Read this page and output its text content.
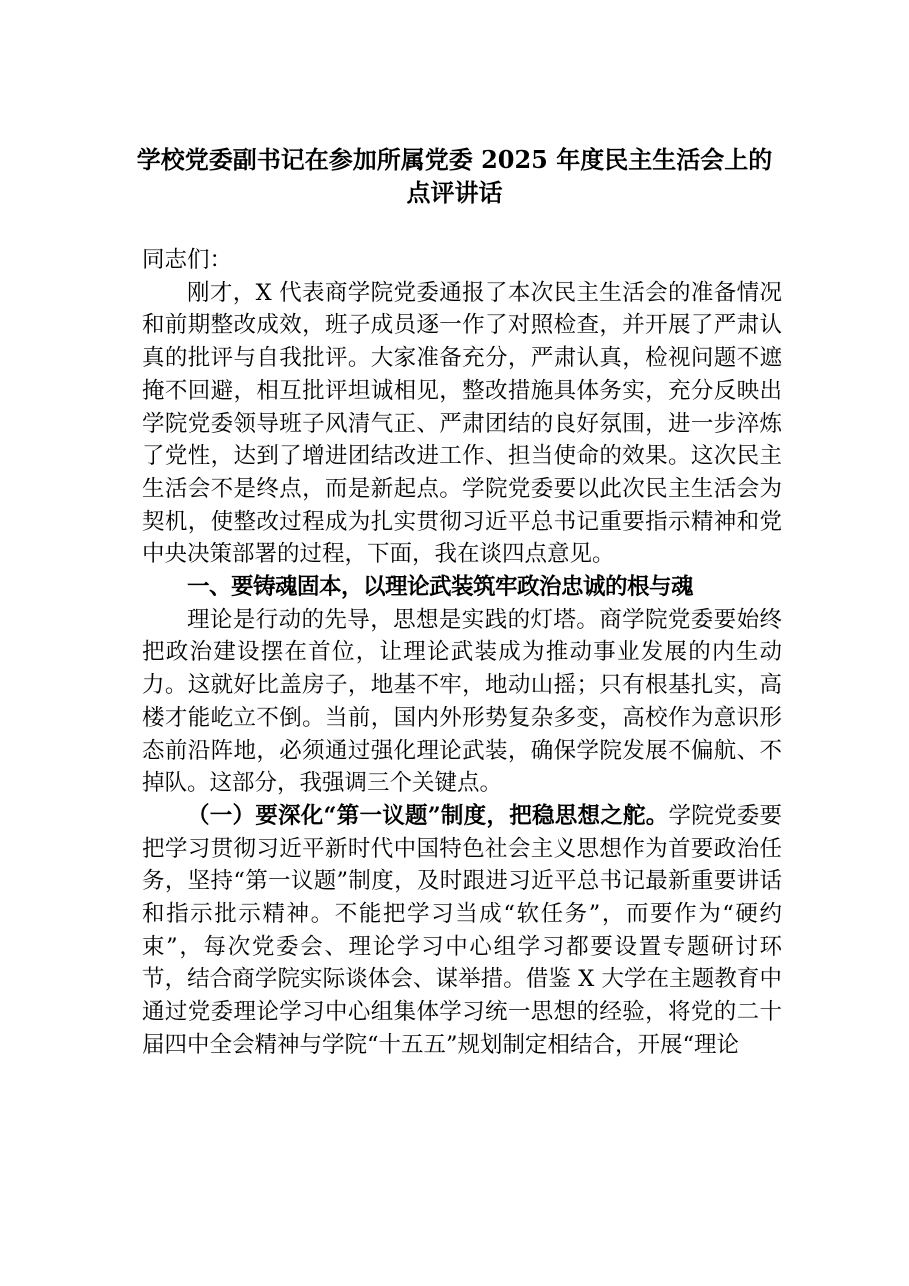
学校党委副书记在参加所属党委 2025 年度民主生活会上的
点评讲话

同志们：

刚才，X 代表商学院党委通报了本次民主生活会的准备情况和前期整改成效，班子成员逐一作了对照检查，并开展了严肃认真的批评与自我批评。大家准备充分，严肃认真，检视问题不遮掩不回避，相互批评坦诚相见，整改措施具体务实，充分反映出学院党委领导班子风清气正、严肃团结的良好氛围，进一步淬炼了党性，达到了增进团结改进工作、担当使命的效果。这次民主生活会不是终点，而是新起点。学院党委要以此次民主生活会为契机，使整改过程成为扎实贯彻习近平总书记重要指示精神和党中央决策部署的过程，下面，我在谈四点意见。

一、要铸魂固本，以理论武装筑牢政治忠诚的根与魂

理论是行动的先导，思想是实践的灯塔。商学院党委要始终把政治建设摆在首位，让理论武装成为推动事业发展的内生动力。这就好比盖房子，地基不牢，地动山摇；只有根基扎实，高楼才能屹立不倒。当前，国内外形势复杂多变，高校作为意识形态前沿阵地，必须通过强化理论武装，确保学院发展不偏航、不掉队。这部分，我强调三个关键点。

（一）要深化“第一议题”制度，把稳思想之舵。学院党委要把学习贯彻习近平新时代中国特色社会主义思想作为首要政治任务，坚持“第一议题”制度，及时跟进习近平总书记最新重要讲话和指示批示精神。不能把学习当成“软任务”，而要作为“硬约束”，每次党委会、理论学习中心组学习都要设置专题研讨环节，结合商学院实际谈体会、谋举措。借鉴 X 大学在主题教育中通过党委理论学习中心组集体学习统一思想的经验，将党的二十届四中全会精神与学院“十五五”规划制定相结合，开展“理论
